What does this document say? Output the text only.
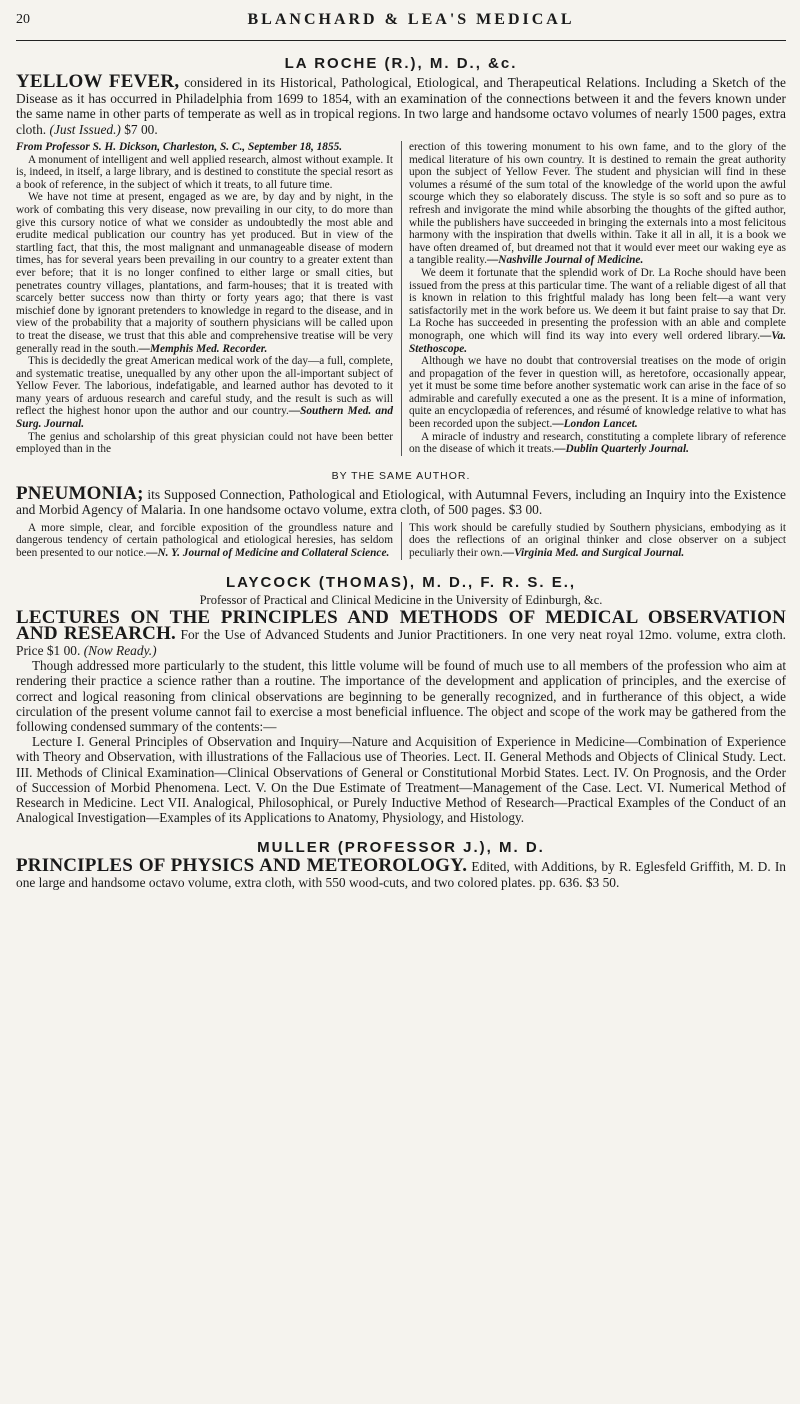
20	BLANCHARD & LEA'S MEDICAL
LA ROCHE (R.), M. D., &c.

YELLOW FEVER, considered in its Historical, Pathological, Etiological, and Therapeutical Relations. Including a Sketch of the Disease as it has occurred in Philadelphia from 1699 to 1854, with an examination of the connections between it and the fevers known under the same name in other parts of temperate as well as in tropical regions. In two large and handsome octavo volumes of nearly 1500 pages, extra cloth. (Just Issued.) $7 00.

From Professor S. H. Dickson, Charleston, S. C., September 18, 1855.

A monument of intelligent and well applied research, almost without example. It is, indeed, in itself, a large library, and is destined to constitute the special resort as a book of reference, in the subject of which it treats, to all future time.

We have not time at present, engaged as we are, by day and by night, in the work of combating this very disease, now prevailing in our city, to do more than give this cursory notice of what we consider as undoubtedly the most able and erudite medical publication our country has yet produced. But in view of the startling fact, that this, the most malignant and unmanageable disease of modern times, has for several years been prevailing in our country to a greater extent than ever before; that it is no longer confined to either large or small cities, but penetrates country villages, plantations, and farm-houses; that it is treated with scarcely better success now than thirty or forty years ago; that there is vast mischief done by ignorant pretenders to knowledge in regard to the disease, and in view of the probability that a majority of southern physicians will be called upon to treat the disease, we trust that this able and comprehensive treatise will be very generally read in the south.—Memphis Med. Recorder.

This is decidedly the great American medical work of the day—a full, complete, and systematic treatise, unequalled by any other upon the all-important subject of Yellow Fever. The laborious, indefatigable, and learned author has devoted to it many years of arduous research and careful study, and the result is such as will reflect the highest honor upon the author and our country.—Southern Med. and Surg. Journal.

The genius and scholarship of this great physician could not have been better employed than in the

erection of this towering monument to his own fame, and to the glory of the medical literature of his own country. It is destined to remain the great authority upon the subject of Yellow Fever. The student and physician will find in these volumes a résumé of the sum total of the knowledge of the world upon the awful scourge which they so elaborately discuss. The style is so soft and so pure as to refresh and invigorate the mind while absorbing the thoughts of the gifted author, while the publishers have succeeded in bringing the externals into a most felicitous harmony with the inspiration that dwells within. Take it all in all, it is a book we have often dreamed of, but dreamed not that it would ever meet our waking eye as a tangible reality.—Nashville Journal of Medicine.

We deem it fortunate that the splendid work of Dr. La Roche should have been issued from the press at this particular time. The want of a reliable digest of all that is known in relation to this frightful malady has long been felt—a want very satisfactorily met in the work before us. We deem it but faint praise to say that Dr. La Roche has succeeded in presenting the profession with an able and complete monograph, one which will find its way into every well ordered library.—Va. Stethoscope.

Although we have no doubt that controversial treatises on the mode of origin and propagation of the fever in question will, as heretofore, occasionally appear, yet it must be some time before another systematic work can arise in the face of so admirable and carefully executed a one as the present. It is a mine of information, quite an encyclopædia of references, and résumé of knowledge relative to what has been recorded upon the subject.—London Lancet.

A miracle of industry and research, constituting a complete library of reference on the disease of which it treats.—Dublin Quarterly Journal.

BY THE SAME AUTHOR.

PNEUMONIA; its Supposed Connection, Pathological and Etiological, with Autumnal Fevers, including an Inquiry into the Existence and Morbid Agency of Malaria. In one handsome octavo volume, extra cloth, of 500 pages. $3 00.

A more simple, clear, and forcible exposition of the groundless nature and dangerous tendency of certain pathological and etiological heresies, has seldom been presented to our notice.—N. Y. Journal of Medicine and Collateral Science.

This work should be carefully studied by Southern physicians, embodying as it does the reflections of an original thinker and close observer on a subject peculiarly their own.—Virginia Med. and Surgical Journal.

LAYCOCK (THOMAS), M. D., F. R. S. E.,
Professor of Practical and Clinical Medicine in the University of Edinburgh, &c.

LECTURES ON THE PRINCIPLES AND METHODS OF MEDICAL OBSERVATION AND RESEARCH. For the Use of Advanced Students and Junior Practitioners. In one very neat royal 12mo. volume, extra cloth. Price $1 00. (Now Ready.)

Though addressed more particularly to the student, this little volume will be found of much use to all members of the profession who aim at rendering their practice a science rather than a routine. The importance of the development and application of principles, and the exercise of correct and logical reasoning from clinical observations are beginning to be generally recognized, and in furtherance of this object, a wide circulation of the present volume cannot fail to exercise a most beneficial influence. The object and scope of the work may be gathered from the following condensed summary of the contents:—

Lecture I. General Principles of Observation and Inquiry—Nature and Acquisition of Experience in Medicine—Combination of Experience with Theory and Observation, with illustrations of the Fallacious use of Theories. Lect. II. General Methods and Objects of Clinical Study. Lect. III. Methods of Clinical Examination—Clinical Observations of General or Constitutional Morbid States. Lect. IV. On Prognosis, and the Order of Succession of Morbid Phenomena. Lect. V. On the Due Estimate of Treatment—Management of the Case. Lect. VI. Numerical Method of Research in Medicine. Lect VII. Analogical, Philosophical, or Purely Inductive Method of Research—Practical Examples of the Conduct of an Analogical Investigation—Examples of its Applications to Anatomy, Physiology, and Histology.

MULLER (PROFESSOR J.), M. D.

PRINCIPLES OF PHYSICS AND METEOROLOGY. Edited, with Additions, by R. Eglesfeld Griffith, M. D. In one large and handsome octavo volume, extra cloth, with 550 wood-cuts, and two colored plates. pp. 636. $3 50.
